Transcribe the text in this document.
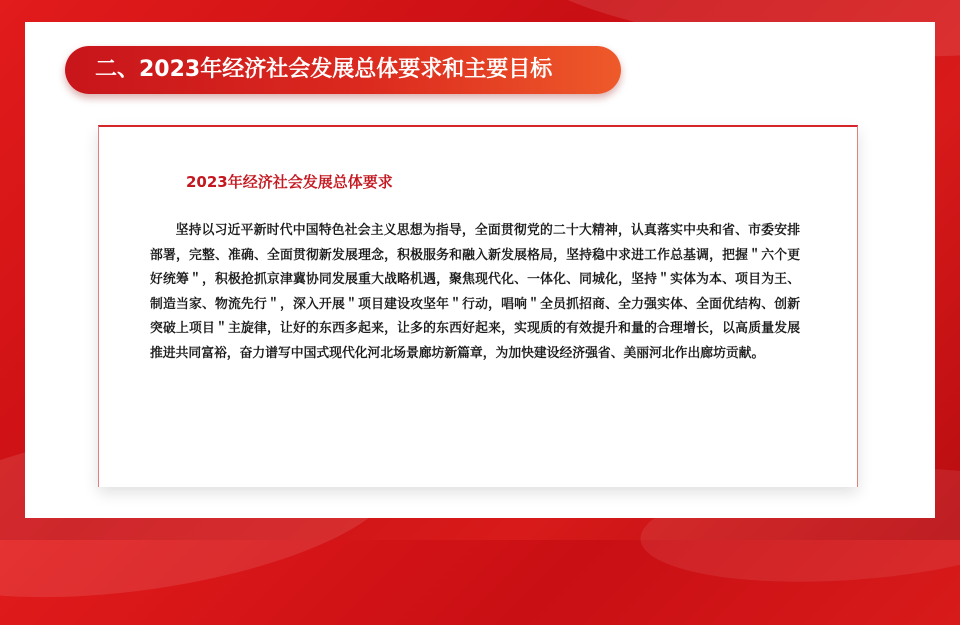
二、2023年经济社会发展总体要求和主要目标
2023年经济社会发展总体要求
坚持以习近平新时代中国特色社会主义思想为指导，全面贯彻党的二十大精神，认真落实中央和省、市委安排部署，完整、准确、全面贯彻新发展理念，积极服务和融入新发展格局，坚持稳中求进工作总基调，把握＂六个更好统筹＂，积极抢抓京津冀协同发展重大战略机遇，聚焦现代化、一体化、同城化，坚持＂实体为本、项目为王、制造当家、物流先行＂，深入开展＂项目建设攻坚年＂行动，唱响＂全员抓招商、全力强实体、全面优结构、创新突破上项目＂主旋律，让好的东西多起来，让多的东西好起来，实现质的有效提升和量的合理增长，以高质量发展推进共同富裕，奋力谱写中国式现代化河北场景廊坊新篇章，为加快建设经济强省、美丽河北作出廊坊贡献。
